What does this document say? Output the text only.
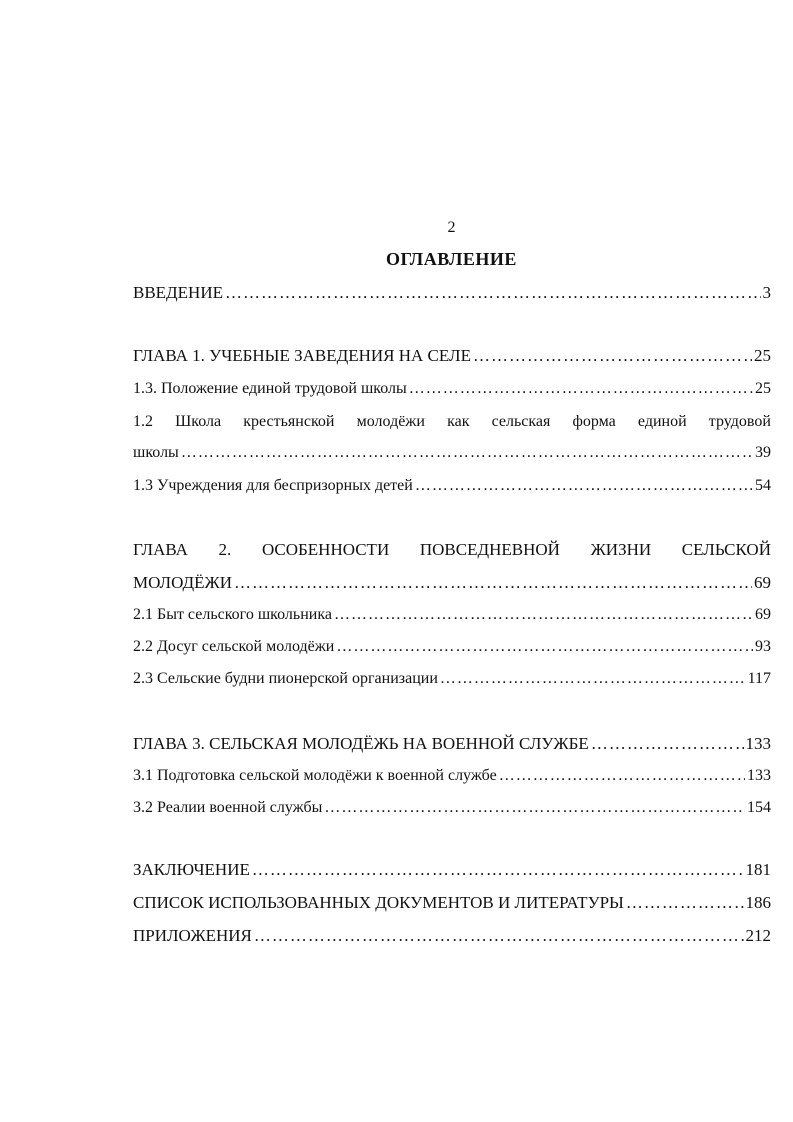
2
ОГЛАВЛЕНИЕ
ВВЕДЕНИЕ ……………………………………………………………………………………………………………………………………………………………………	3
ГЛАВА 1. УЧЕБНЫЕ ЗАВЕДЕНИЯ НА СЕЛЕ ……………………………………………………………………………………………………………………………………………………………………	25
1.3. Положение единой трудовой школы ……………………………………………………………………………………………………………………………………………………………………	25
1.2 Школа крестьянской молодёжи как сельская форма единой трудовой
школы ……………………………………………………………………………………………………………………………………………………………………	39
1.3 Учреждения для беспризорных детей ……………………………………………………………………………………………………………………………………………………………………	54
ГЛАВА 2. ОСОБЕННОСТИ ПОВСЕДНЕВНОЙ ЖИЗНИ СЕЛЬСКОЙ
МОЛОДЁЖИ ……………………………………………………………………………………………………………………………………………………………………	69
2.1 Быт сельского школьника ……………………………………………………………………………………………………………………………………………………………………	69
2.2 Досуг сельской молодёжи ……………………………………………………………………………………………………………………………………………………………………	93
2.3 Сельские будни пионерской организации ……………………………………………………………………………………………………………………………………………………………………	117
ГЛАВА 3. СЕЛЬСКАЯ МОЛОДЁЖЬ НА ВОЕННОЙ СЛУЖБЕ ……………………………………………………………………………………………………………………………………………………………………	133
3.1 Подготовка сельской молодёжи к военной службе ……………………………………………………………………………………………………………………………………………………………………	133
3.2 Реалии военной службы ……………………………………………………………………………………………………………………………………………………………………	154
ЗАКЛЮЧЕНИЕ ……………………………………………………………………………………………………………………………………………………………………	181
СПИСОК ИСПОЛЬЗОВАННЫХ ДОКУМЕНТОВ И ЛИТЕРАТУРЫ ……………………………………………………………………………………………………………………………………………………………………	186
ПРИЛОЖЕНИЯ ……………………………………………………………………………………………………………………………………………………………………	212
